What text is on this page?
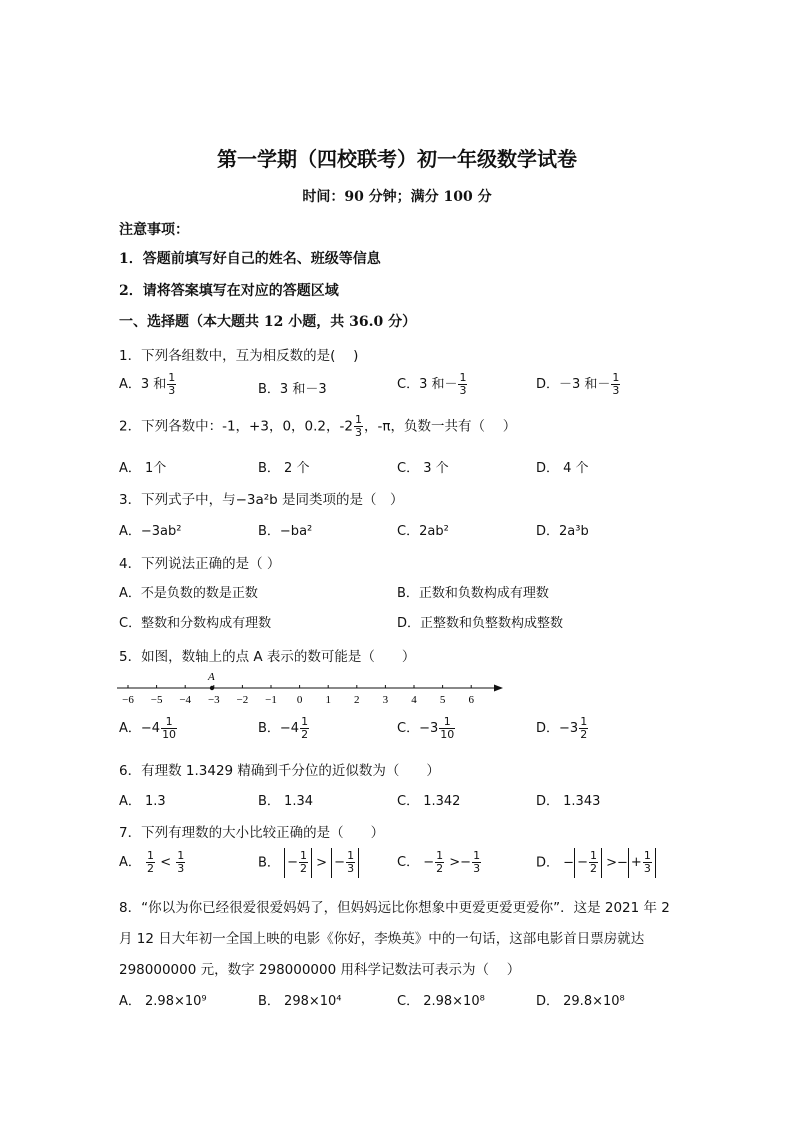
第一学期（四校联考）初一年级数学试卷
时间：90 分钟；满分 100 分
注意事项：
1．答题前填写好自己的姓名、班级等信息
2．请将答案填写在对应的答题区域
一、选择题（本大题共 12 小题，共 36.0 分）
1．下列各组数中，互为相反数的是(　 )
A．3 和 $\frac{1}{3}$	B．3 和－3	C．3 和－ $\frac{1}{3}$	D．－3 和－ $\frac{1}{3}$
2．下列各数中：-1，+3，0，0.2，$-2 \frac{1}{3}$ ，-π，负数一共有（　 ）
A． 1个	B． 2 个	C． 3 个	D． 4 个
3．下列式子中，与−3a²b 是同类项的是（　）
A．−3ab²	B．−ba²	C．2ab²	D．2a³b
4．下列说法正确的是（ ）
A．不是负数的数是正数	B．正数和负数构成有理数
C．整数和分数构成有理数	D．正整数和负整数构成整数
5．如图，数轴上的点 A 表示的数可能是（　　）
−6 −5 −4 −3 −2 −1 0 1 2 3 4 5 6
A
A．$-4 \frac{1}{10}$	B．$-4 \frac{1}{2}$	C．$-3 \frac{1}{10}$	D．$-3 \frac{1}{2}$
6．有理数 1.3429 精确到千分位的近似数为（　　）
A． 1.3	B． 1.34	C． 1.342	D． 1.343
7．下列有理数的大小比较正确的是（　　）
A． $\frac{1}{2} < \frac{1}{3}$	B． − $\frac{1}{2}$ > − $\frac{1}{3}$	C． − $\frac{1}{2} >- \frac{1}{3}$	D． − − $\frac{1}{2}$ >− + $\frac{1}{3}$
8．“你以为你已经很爱很爱妈妈了，但妈妈远比你想象中更爱更爱更爱你”．这是 2021 年 2
月 12 日大年初一全国上映的电影《你好，李焕英》中的一句话，这部电影首日票房就达
298000000 元，数字 298000000 用科学记数法可表示为（　 ）
A． 2.98×10⁹	B． 298×10⁴	C． 2.98×10⁸	D． 29.8×10⁸
